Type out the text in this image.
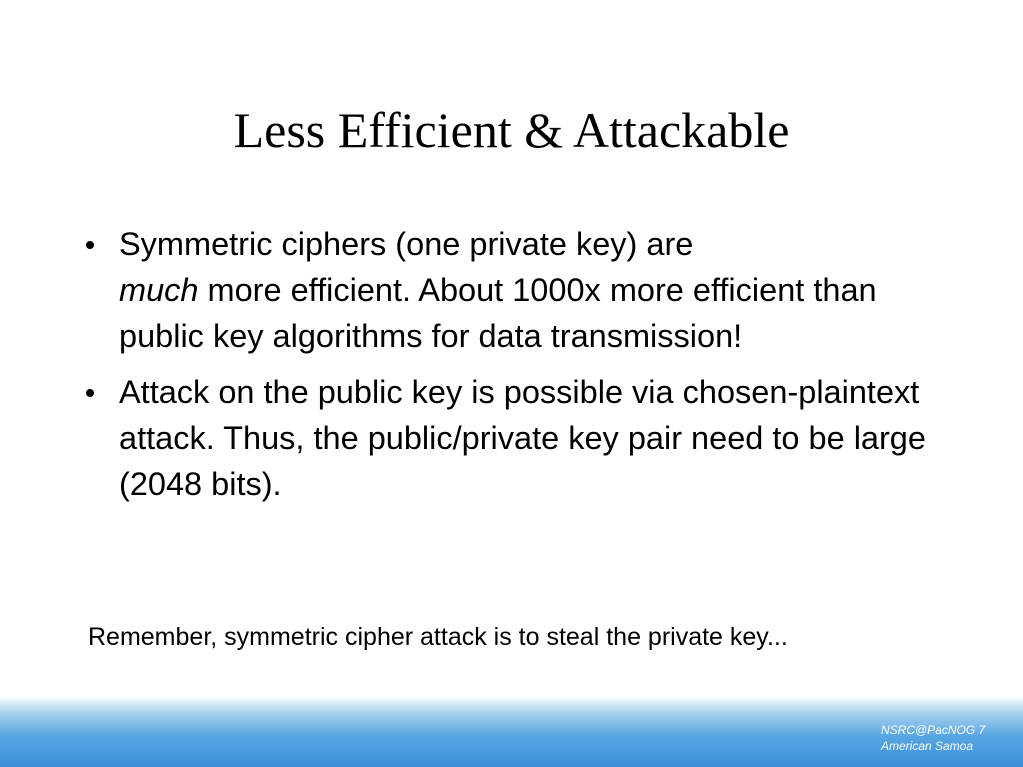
Less Efficient & Attackable
Symmetric ciphers (one private key) are
much more efficient. About 1000x more efficient than public key algorithms for data transmission!
Attack on the public key is possible via chosen-plaintext attack. Thus, the public/private key pair need to be large (2048 bits).

Remember, symmetric cipher attack is to steal the private key...

NSRC@PacNOG 7
American Samoa
